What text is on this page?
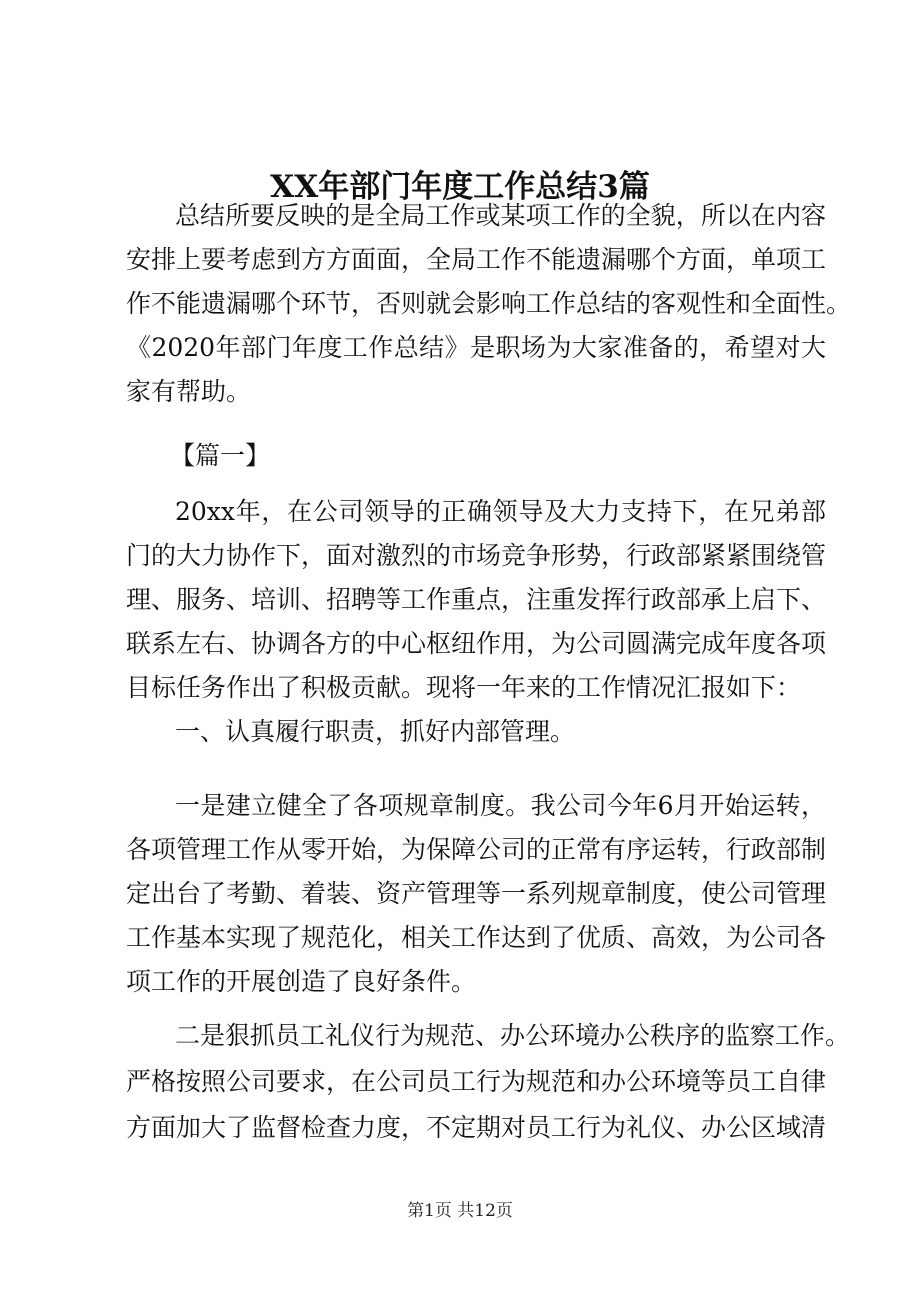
XX年部门年度工作总结3篇
总结所要反映的是全局工作或某项工作的全貌，所以在内容
安排上要考虑到方方面面，全局工作不能遗漏哪个方面，单项工
作不能遗漏哪个环节，否则就会影响工作总结的客观性和全面性。
《2020年部门年度工作总结》是职场为大家准备的，希望对大
家有帮助。
【篇一】
20xx年，在公司领导的正确领导及大力支持下，在兄弟部
门的大力协作下，面对激烈的市场竞争形势，行政部紧紧围绕管
理、服务、培训、招聘等工作重点，注重发挥行政部承上启下、
联系左右、协调各方的中心枢纽作用，为公司圆满完成年度各项
目标任务作出了积极贡献。现将一年来的工作情况汇报如下：
一、认真履行职责，抓好内部管理。
一是建立健全了各项规章制度。我公司今年6月开始运转，
各项管理工作从零开始，为保障公司的正常有序运转，行政部制
定出台了考勤、着装、资产管理等一系列规章制度，使公司管理
工作基本实现了规范化，相关工作达到了优质、高效，为公司各
项工作的开展创造了良好条件。
二是狠抓员工礼仪行为规范、办公环境办公秩序的监察工作。
严格按照公司要求，在公司员工行为规范和办公环境等员工自律
方面加大了监督检查力度，不定期对员工行为礼仪、办公区域清
第1页 共12页
